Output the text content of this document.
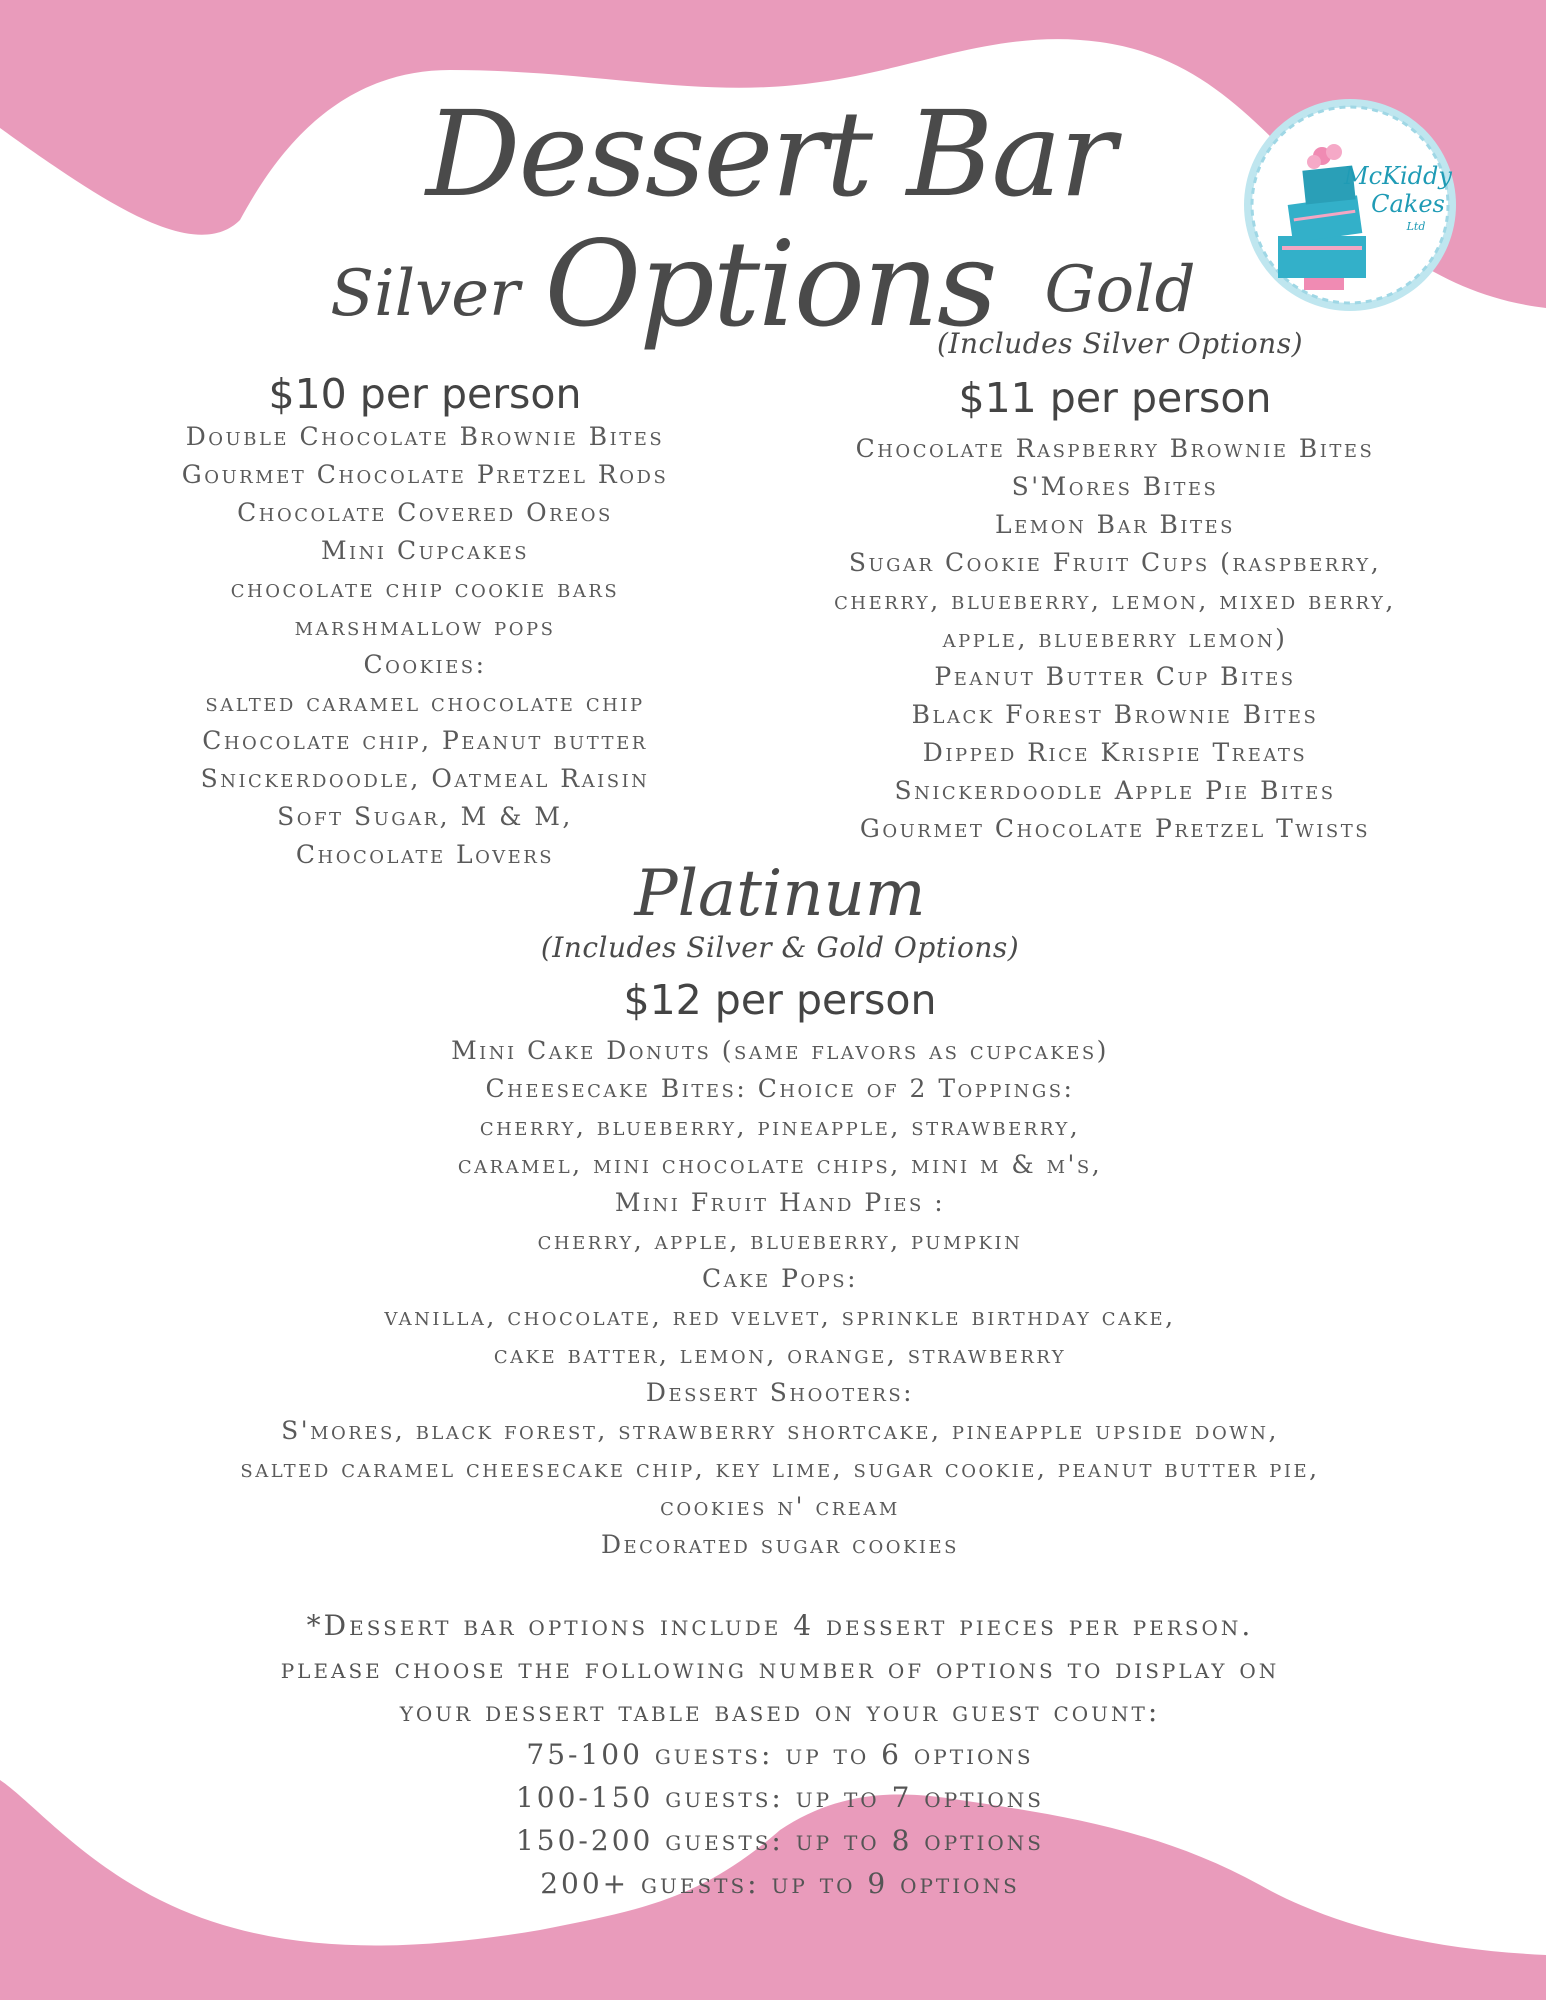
Dessert Bar Options
McKiddy
Cakes
Ltd
Silver
$10 per person
Double Chocolate Brownie Bites
Gourmet Chocolate Pretzel Rods
Chocolate Covered Oreos
Mini Cupcakes
chocolate chip cookie bars
marshmallow pops
Cookies:
salted caramel chocolate chip
Chocolate chip, Peanut butter
Snickerdoodle, Oatmeal Raisin
Soft Sugar, M & M,
Chocolate Lovers
Gold
(Includes Silver Options)
$11 per person
Chocolate Raspberry Brownie Bites
S'Mores Bites
Lemon Bar Bites
Sugar Cookie Fruit Cups (raspberry,
cherry, blueberry, lemon, mixed berry,
apple, blueberry lemon)
Peanut Butter Cup Bites
Black Forest Brownie Bites
Dipped Rice Krispie Treats
Snickerdoodle Apple Pie Bites
Gourmet Chocolate Pretzel Twists
Platinum
(Includes Silver & Gold Options)
$12 per person
Mini Cake Donuts (same flavors as cupcakes)
Cheesecake Bites: Choice of 2 Toppings:
cherry, blueberry, pineapple, strawberry,
caramel, mini chocolate chips, mini m & m's,
Mini Fruit Hand Pies :
cherry, apple, blueberry, pumpkin
Cake Pops:
vanilla, chocolate, red velvet, sprinkle birthday cake,
cake batter, lemon, orange, strawberry
Dessert Shooters:
S'mores, black forest, strawberry shortcake, pineapple upside down,
salted caramel cheesecake chip, key lime, sugar cookie, peanut butter pie,
cookies n' cream
Decorated sugar cookies
*Dessert bar options include 4 dessert pieces per person.
please choose the following number of options to display on
your dessert table based on your guest count:
75-100 guests: up to 6 options
100-150 guests: up to 7 options
150-200 guests: up to 8 options
200+ guests: up to 9 options
